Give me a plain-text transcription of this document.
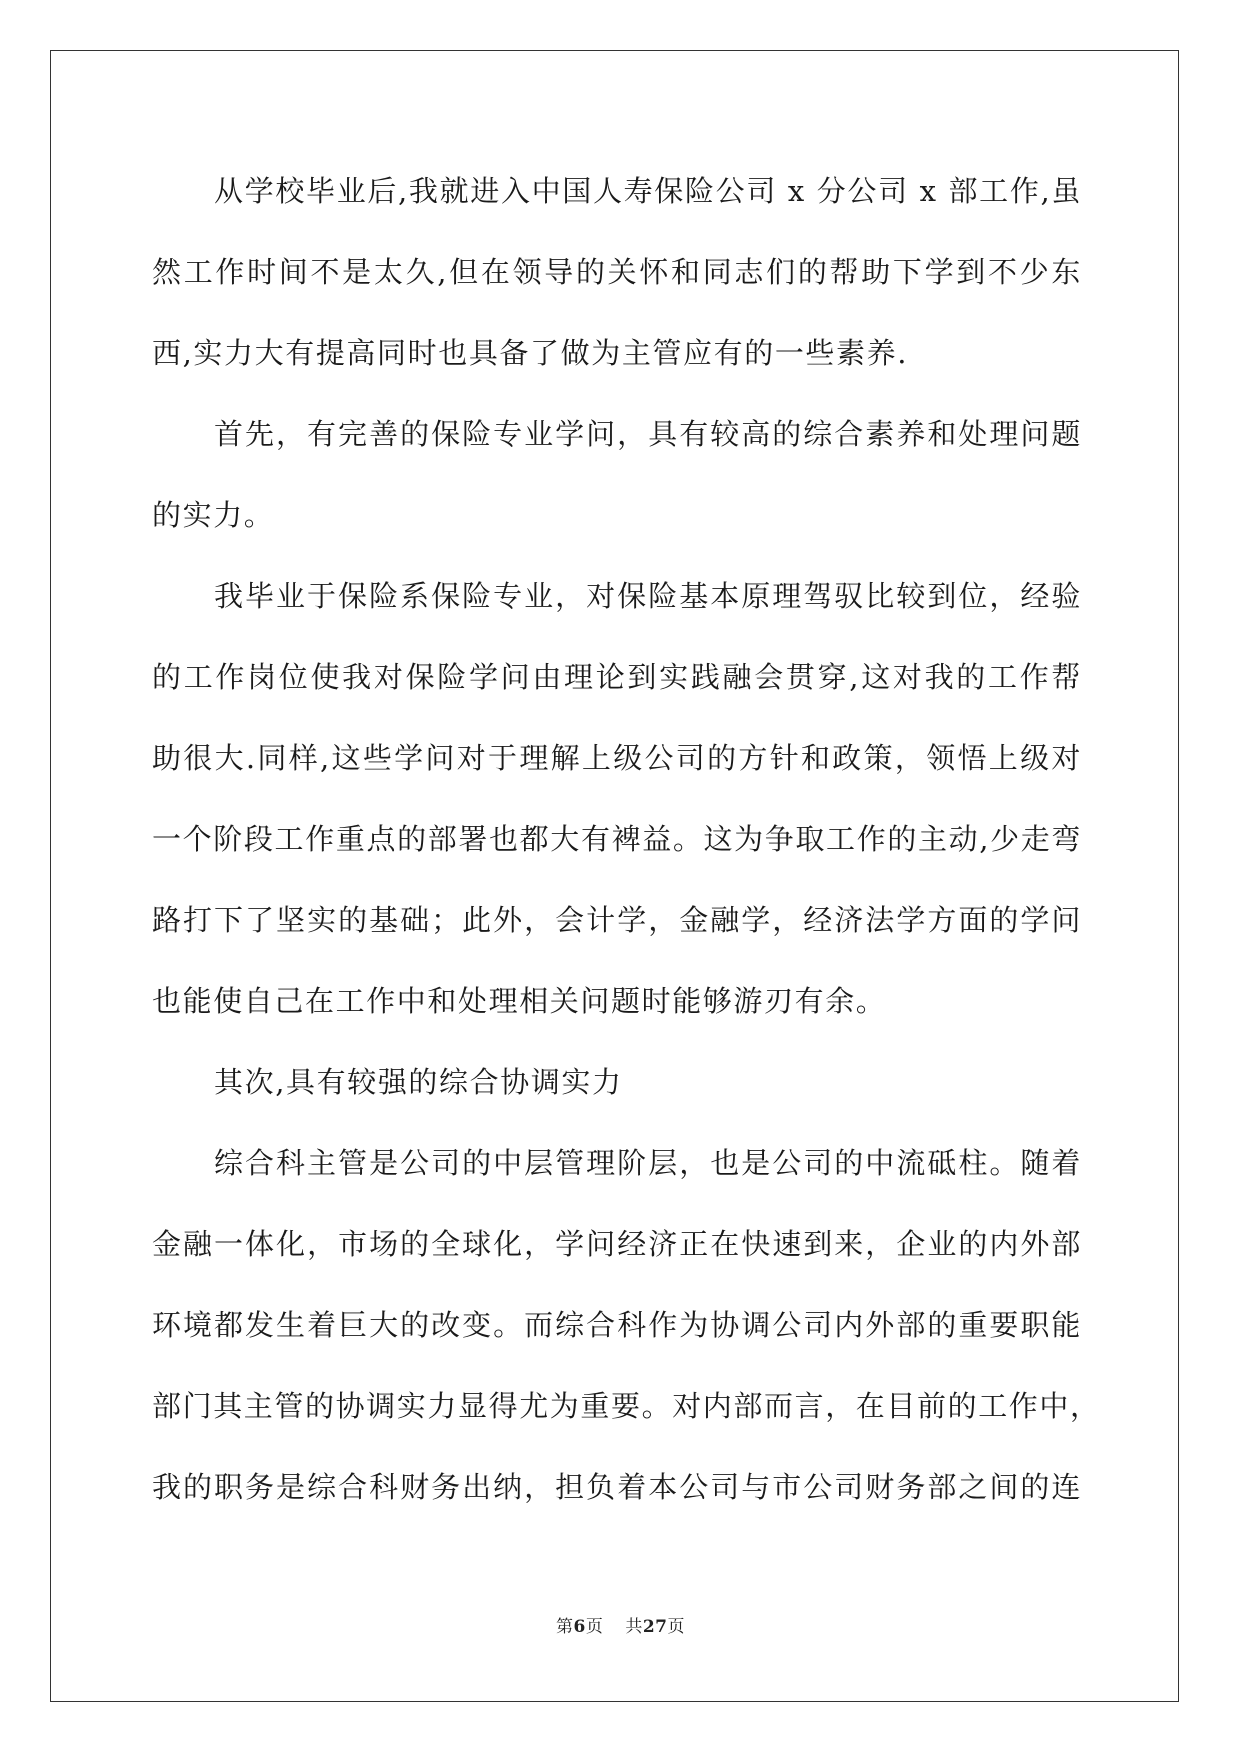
从学校毕业后,我就进入中国人寿保险公司 x 分公司 x 部工作,虽
然工作时间不是太久,但在领导的关怀和同志们的帮助下学到不少东
西,实力大有提高同时也具备了做为主管应有的一些素养.
首先，有完善的保险专业学问，具有较高的综合素养和处理问题
的实力。
我毕业于保险系保险专业，对保险基本原理驾驭比较到位，经验
的工作岗位使我对保险学问由理论到实践融会贯穿,这对我的工作帮
助很大.同样,这些学问对于理解上级公司的方针和政策，领悟上级对
一个阶段工作重点的部署也都大有裨益。这为争取工作的主动,少走弯
路打下了坚实的基础；此外，会计学，金融学，经济法学方面的学问
也能使自己在工作中和处理相关问题时能够游刃有余。
其次,具有较强的综合协调实力
综合科主管是公司的中层管理阶层，也是公司的中流砥柱。随着
金融一体化，市场的全球化，学问经济正在快速到来，企业的内外部
环境都发生着巨大的改变。而综合科作为协调公司内外部的重要职能
部门其主管的协调实力显得尤为重要。对内部而言，在目前的工作中，
我的职务是综合科财务出纳，担负着本公司与市公司财务部之间的连
第6页 共27页
